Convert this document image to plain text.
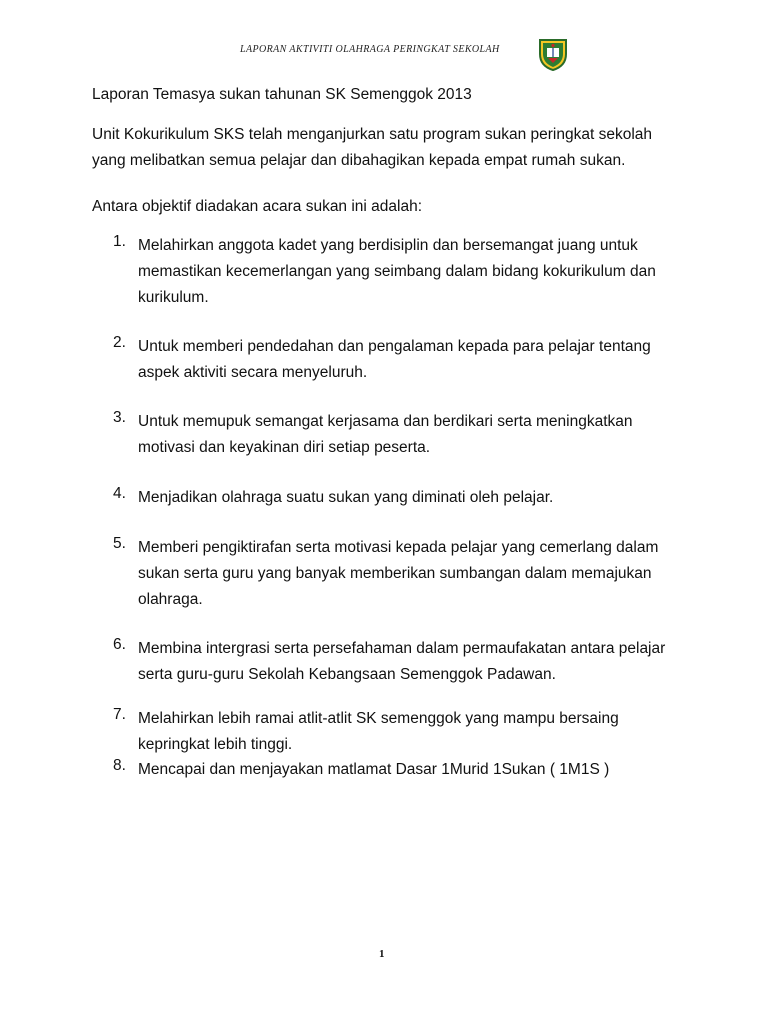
LAPORAN AKTIVITI OLAHRAGA PERINGKAT SEKOLAH
Laporan Temasya sukan tahunan SK Semenggok 2013
Unit Kokurikulum SKS telah menganjurkan satu program sukan peringkat sekolah
yang melibatkan semua pelajar dan dibahagikan kepada empat rumah sukan.
Antara objektif diadakan acara sukan ini adalah:
1. Melahirkan anggota kadet yang berdisiplin dan bersemangat juang untuk
memastikan kecemerlangan yang seimbang dalam bidang kokurikulum dan
kurikulum.
2. Untuk memberi pendedahan dan pengalaman kepada para pelajar tentang
aspek aktiviti secara menyeluruh.
3. Untuk memupuk semangat kerjasama dan berdikari serta meningkatkan
motivasi dan keyakinan diri setiap peserta.
4. Menjadikan olahraga suatu sukan yang diminati oleh pelajar.
5. Memberi pengiktirafan serta motivasi kepada pelajar yang cemerlang dalam
sukan serta guru yang banyak memberikan sumbangan dalam memajukan
olahraga.
6. Membina intergrasi serta persefahaman dalam permaufakatan antara pelajar
serta guru-guru Sekolah Kebangsaan Semenggok Padawan.
7. Melahirkan lebih ramai atlit-atlit SK semenggok yang mampu bersaing
kepringkat lebih tinggi.
8. Mencapai dan menjayakan matlamat Dasar 1Murid 1Sukan ( 1M1S )
1
